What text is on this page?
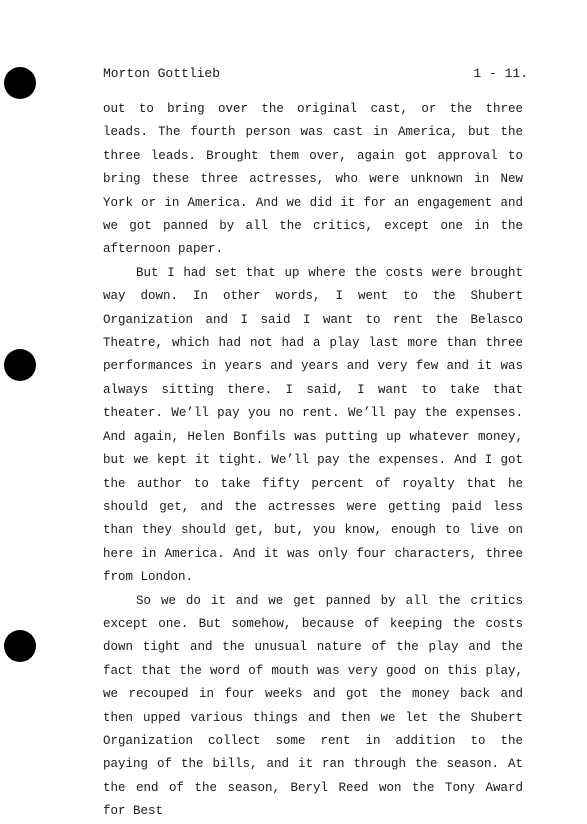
Morton Gottlieb	1 - 11.

out to bring over the original cast, or the three leads. The fourth person was cast in America, but the three leads. Brought them over, again got approval to bring these three actresses, who were unknown in New York or in America. And we did it for an engagement and we got panned by all the critics, except one in the afternoon paper.

But I had set that up where the costs were brought way down. In other words, I went to the Shubert Organization and I said I want to rent the Belasco Theatre, which had not had a play last more than three performances in years and years and very few and it was always sitting there. I said, I want to take that theater. We’ll pay you no rent. We’ll pay the expenses. And again, Helen Bonfils was putting up whatever money, but we kept it tight. We’ll pay the expenses. And I got the author to take fifty percent of royalty that he should get, and the actresses were getting paid less than they should get, but, you know, enough to live on here in America. And it was only four characters, three from London.

So we do it and we get panned by all the critics except one. But somehow, because of keeping the costs down tight and the unusual nature of the play and the fact that the word of mouth was very good on this play, we recouped in four weeks and got the money back and then upped various things and then we let the Shubert Organization collect some rent in addition to the paying of the bills, and it ran through the season. At the end of the season, Beryl Reed won the Tony Award for Best
